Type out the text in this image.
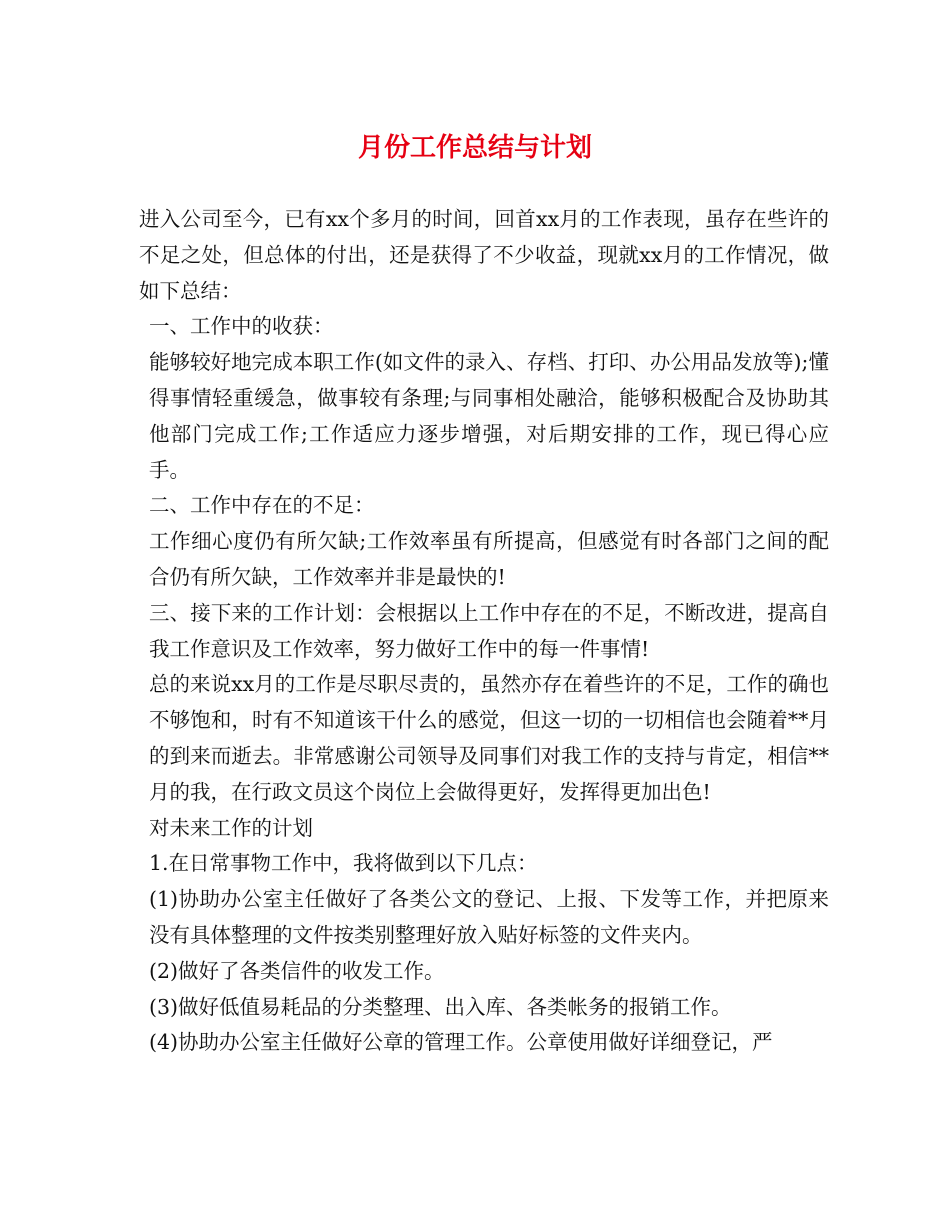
月份工作总结与计划

进入公司至今，已有xx个多月的时间，回首xx月的工作表现，虽存在些许的不足之处，但总体的付出，还是获得了不少收益，现就xx月的工作情况，做如下总结：

一、工作中的收获：

能够较好地完成本职工作(如文件的录入、存档、打印、办公用品发放等);懂得事情轻重缓急，做事较有条理;与同事相处融洽，能够积极配合及协助其他部门完成工作;工作适应力逐步增强，对后期安排的工作，现已得心应手。

二、工作中存在的不足：

工作细心度仍有所欠缺;工作效率虽有所提高，但感觉有时各部门之间的配合仍有所欠缺，工作效率并非是最快的!

三、接下来的工作计划：会根据以上工作中存在的不足，不断改进，提高自我工作意识及工作效率，努力做好工作中的每一件事情!

总的来说xx月的工作是尽职尽责的，虽然亦存在着些许的不足，工作的确也不够饱和，时有不知道该干什么的感觉，但这一切的一切相信也会随着**月的到来而逝去。非常感谢公司领导及同事们对我工作的支持与肯定，相信**月的我，在行政文员这个岗位上会做得更好，发挥得更加出色!

对未来工作的计划

1.在日常事物工作中，我将做到以下几点：

(1)协助办公室主任做好了各类公文的登记、上报、下发等工作，并把原来没有具体整理的文件按类别整理好放入贴好标签的文件夹内。

(2)做好了各类信件的收发工作。

(3)做好低值易耗品的分类整理、出入库、各类帐务的报销工作。

(4)协助办公室主任做好公章的管理工作。公章使用做好详细登记，严
